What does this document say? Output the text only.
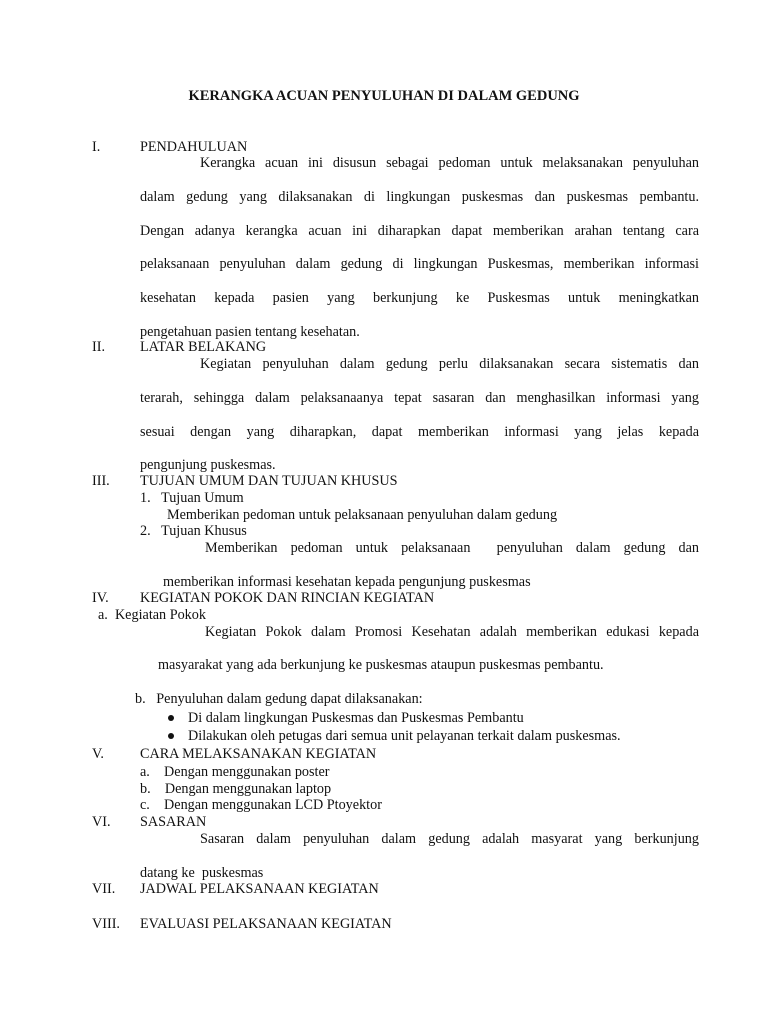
KERANGKA ACUAN PENYULUHAN DI DALAM GEDUNG
I.	PENDAHULUAN
Kerangka acuan ini disusun sebagai pedoman untuk melaksanakan penyuluhan
dalam gedung yang dilaksanakan di lingkungan puskesmas dan puskesmas pembantu.
Dengan adanya kerangka acuan ini diharapkan dapat memberikan arahan tentang cara
pelaksanaan penyuluhan dalam gedung di lingkungan Puskesmas, memberikan informasi
kesehatan kepada pasien yang berkunjung ke Puskesmas untuk meningkatkan
pengetahuan pasien tentang kesehatan.
II. LATAR BELAKANG
Kegiatan penyuluhan dalam gedung perlu dilaksanakan secara sistematis dan
terarah, sehingga dalam pelaksanaanya tepat sasaran dan menghasilkan informasi yang
sesuai dengan yang diharapkan, dapat memberikan informasi yang jelas kepada
pengunjung puskesmas.
III. TUJUAN UMUM DAN TUJUAN KHUSUS
1.   Tujuan Umum
Memberikan pedoman untuk pelaksanaan penyuluhan dalam gedung
2.   Tujuan Khusus
Memberikan pedoman untuk pelaksanaan  penyuluhan dalam gedung dan
memberikan informasi kesehatan kepada pengunjung puskesmas
IV. KEGIATAN POKOK DAN RINCIAN KEGIATAN
a.  Kegiatan Pokok
Kegiatan Pokok dalam Promosi Kesehatan adalah memberikan edukasi kepada
masyarakat yang ada berkunjung ke puskesmas ataupun puskesmas pembantu.
b.   Penyuluhan dalam gedung dapat dilaksanakan:
Di dalam lingkungan Puskesmas dan Puskesmas Pembantu
Dilakukan oleh petugas dari semua unit pelayanan terkait dalam puskesmas.
V.	CARA MELAKSANAKAN KEGIATAN
a.    Dengan menggunakan poster
b.    Dengan menggunakan laptop
c.    Dengan menggunakan LCD Ptoyektor
VI. SASARAN
Sasaran dalam penyuluhan dalam gedung adalah masyarat yang berkunjung
datang ke  puskesmas
VII. JADWAL PELAKSANAAN KEGIATAN
VIII. EVALUASI PELAKSANAAN KEGIATAN
